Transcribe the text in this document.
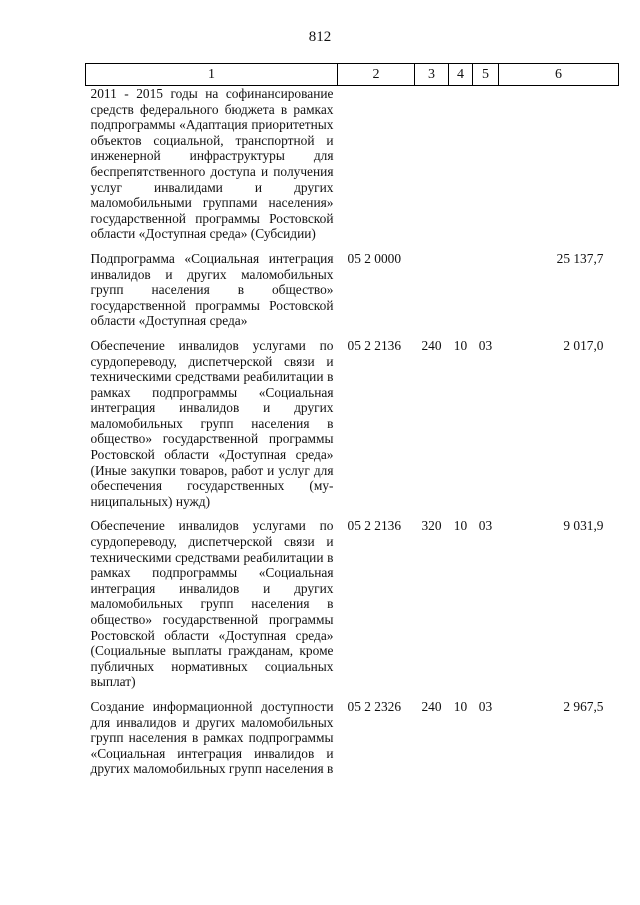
812
1	2	3	4	5	6
2011 - 2015 годы на софинансирование средств федерального бюджета в рамках подпрограммы «Адаптация приоритетных объектов социальной, транспортной и инженерной инфраструктуры для беспрепятственного доступа и получения услуг инвалидами и других маломобильными группами населения» государственной программы Ростовской области «Доступная среда» (Субсидии)					

Подпрограмма «Социальная интеграция инвалидов и других маломобильных групп населения в общество» государственной программы Ростовской области «Доступная среда»	05 2 0000				25 137,7

Обеспечение инвалидов услугами по сурдопереводу, диспетчерской связи и техническими средствами реабилитации в рамках подпрограммы «Социальная интеграция инвалидов и других маломобильных групп населения в общество» государственной программы Ростовской области «Доступная среда» (Иные закупки товаров, работ и услуг для обеспечения государственных (муниципальных) нужд)	05 2 2136	240	10	03	2 017,0

Обеспечение инвалидов услугами по сурдопереводу, диспетчерской связи и техническими средствами реабилитации в рамках подпрограммы «Социальная интеграция инвалидов и других маломобильных групп населения в общество» государственной программы Ростовской области «Доступная среда» (Социальные выплаты гражданам, кроме публичных нормативных социальных выплат)	05 2 2136	320	10	03	9 031,9

Создание информационной доступности для инвалидов и других маломобильных групп населения в рамках подпрограммы «Социальная интеграция инвалидов и других маломобильных групп населения в	05 2 2326	240	10	03	2 967,5
